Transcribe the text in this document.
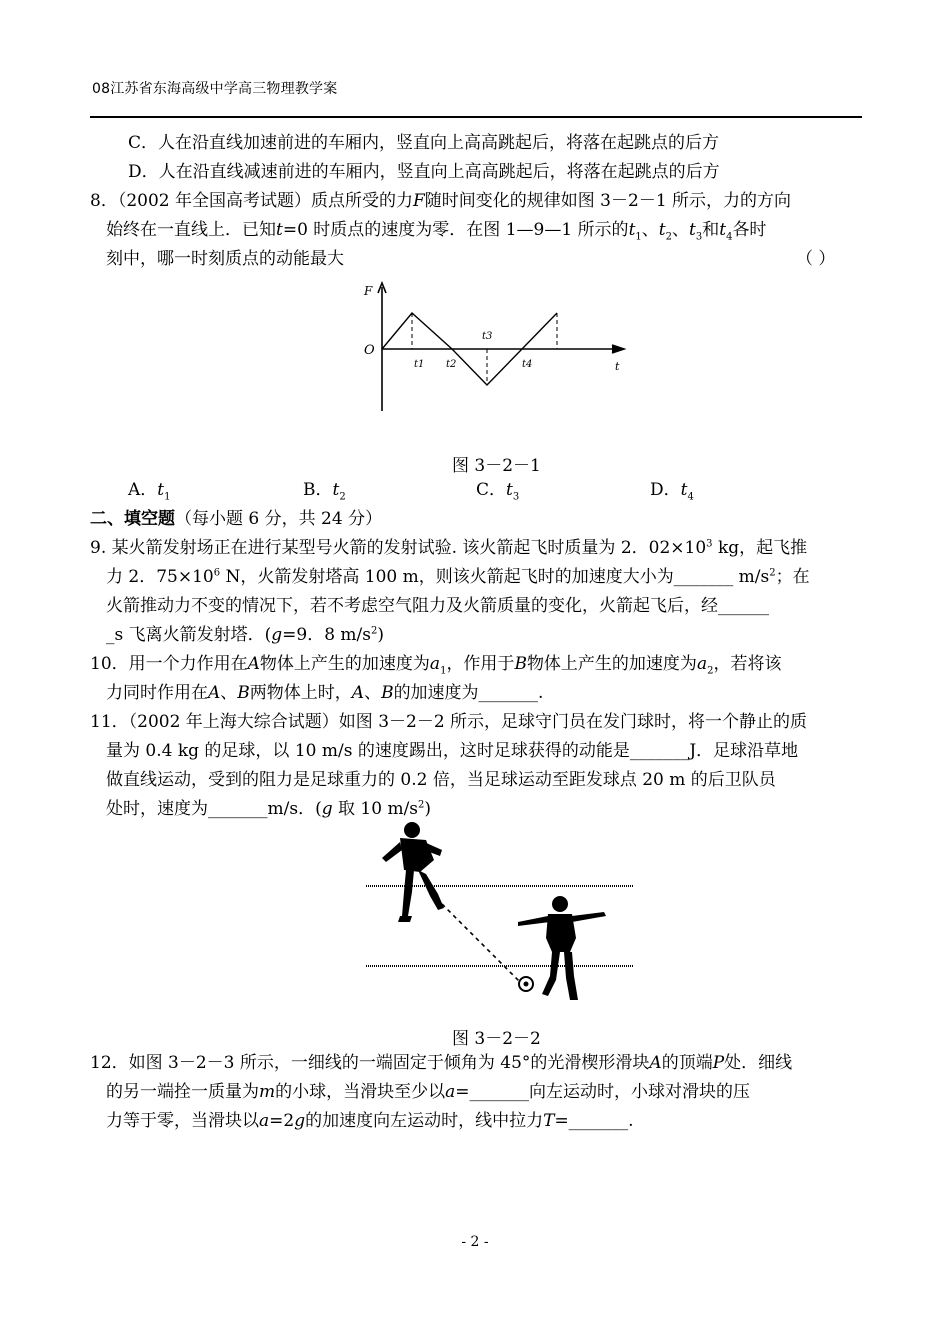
08江苏省东海高级中学高三物理教学案
C．人在沿直线加速前进的车厢内，竖直向上高高跳起后，将落在起跳点的后方
D．人在沿直线减速前进的车厢内，竖直向上高高跳起后，将落在起跳点的后方
8．（2002 年全国高考试题）质点所受的力F随时间变化的规律如图 3－2－1 所示，力的方向
始终在一直线上．已知t=0 时质点的速度为零．在图 1—9—1 所示的$t_1$、$t_2$、$t_3$和$t_4$各时
刻中，哪一时刻质点的动能最大	（ ）
F
O
t
t1 t2
t3
t4
图 3－2－1
A．$t_1$	B．$t_2$	C．$t_3$	D．$t_4$
二、填空题（每小题 6 分，共 24 分）
9. 某火箭发射场正在进行某型号火箭的发射试验. 该火箭起飞时质量为 2．$02\times 10^3$ kg，起飞推
力 2．$75\times 10^6$ N，火箭发射塔高 100 m，则该火箭起飞时的加速度大小为_______ $m/s^2$；在
火箭推动力不变的情况下，若不考虑空气阻力及火箭质量的变化，火箭起飞后，经______
_s 飞离火箭发射塔．(g=9．8 $m/s^2$)
10．用一个力作用在A物体上产生的加速度为$a_1$，作用于B物体上产生的加速度为$a_2$，若将该
力同时作用在A、B两物体上时，A、B的加速度为_______.
11．（2002 年上海大综合试题）如图 3－2－2 所示，足球守门员在发门球时，将一个静止的质
量为 0.4 kg 的足球，以 10 m/s 的速度踢出，这时足球获得的动能是_______J．足球沿草地
做直线运动，受到的阻力是足球重力的 0.2 倍，当足球运动至距发球点 20 m 的后卫队员
处时，速度为_______m/s．(g 取 10 $m/s^2$)
图 3－2－2
12．如图 3－2－3 所示，一细线的一端固定于倾角为 45°的光滑楔形滑块A的顶端P处．细线
的另一端拴一质量为m的小球，当滑块至少以a=_______向左运动时，小球对滑块的压
力等于零，当滑块以a=2g的加速度向左运动时，线中拉力T=_______.
- 2 -
